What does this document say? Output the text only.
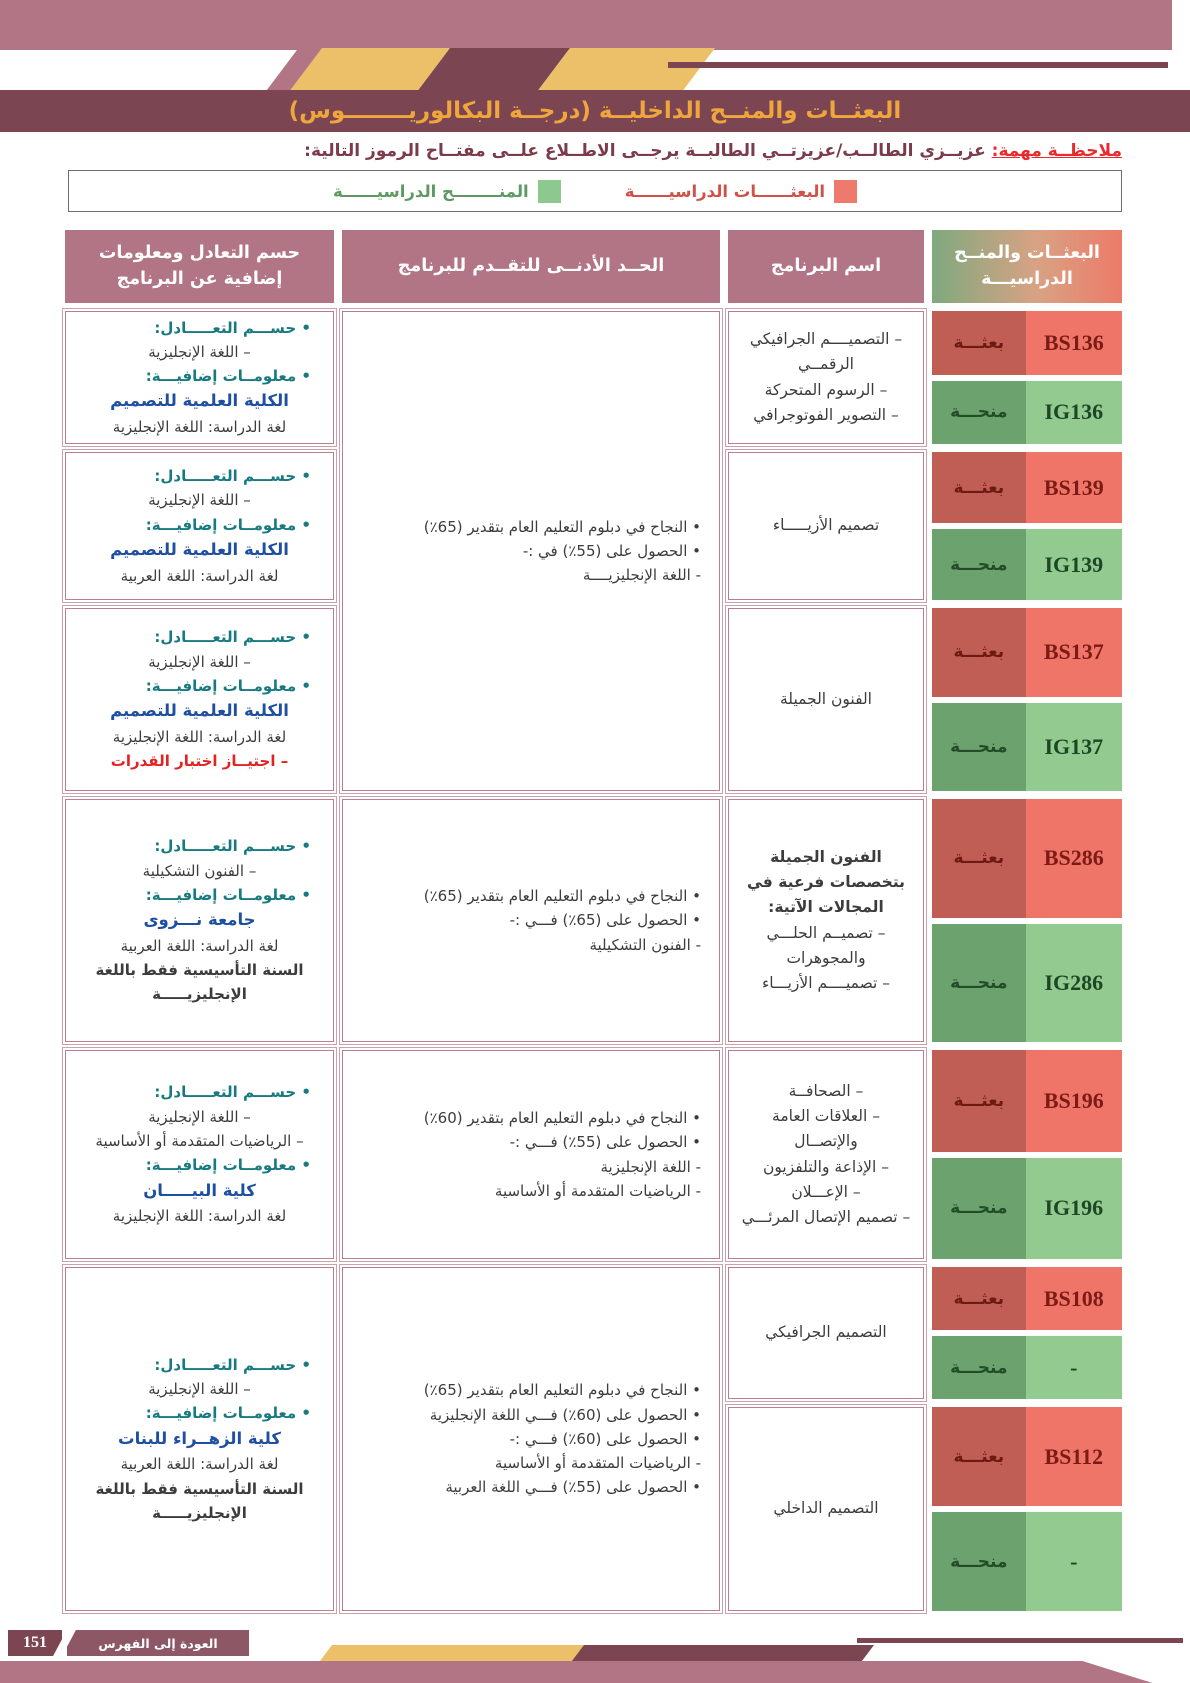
البعثــات والمنــح الداخليــة (درجــة البكالوريــــــــوس)
ملاحظــة مهمة: عزيــزي الطالــب/عزيزتــي الطالبــة يرجــى الاطــلاع علــى مفتــاح الرموز التالية:
البعثــــــات الدراسيــــــة
المنــــــــح الدراسيــــــة
البعثــات والمنــح الدراسيـــة
اسم البرنامج
الحــد الأدنــى للتقــدم للبرنامج
حسم التعادل ومعلومات إضافية عن البرنامج
BS136
بعثـــة
IG136
منحـــة
BS139
بعثـــة
IG139
منحـــة
BS137
بعثـــة
IG137
منحـــة
BS286
بعثـــة
IG286
منحـــة
BS196
بعثـــة
IG196
منحـــة
BS108
بعثـــة
-
منحـــة
BS112
بعثـــة
-
منحـــة
– التصميــــم الجرافيكي الرقمــي
– الرسوم المتحركة
– التصوير الفوتوجرافي
تصميم الأزيـــــاء
الفنون الجميلة
الفنون الجميلة بتخصصات فرعية في المجالات الآتية:
– تصميــم الحلـــي والمجوهرات
– تصميــــم الأزيـــاء
– الصحافــة
– العلاقات العامة والإتصــال
– الإذاعة والتلفزيون
– الإعـــلان
– تصميم الإتصال المرئـــي
التصميم الجرافيكي
التصميم الداخلي
• النجاح في دبلوم التعليم العام بتقدير (65٪)
• الحصول على (55٪) في :-
- اللغة الإنجليزيــــة
• النجاح في دبلوم التعليم العام بتقدير (65٪)
• الحصول على (65٪) فـــي :-
- الفنون التشكيلية
• النجاح في دبلوم التعليم العام بتقدير (60٪)
• الحصول على (55٪) فـــي :-
- اللغة الإنجليزية
- الرياضيات المتقدمة أو الأساسية
• النجاح في دبلوم التعليم العام بتقدير (65٪)
• الحصول على (60٪) فـــي اللغة الإنجليزية
• الحصول على (60٪) فـــي :-
- الرياضيات المتقدمة أو الأساسية
• الحصول على (55٪) فـــي اللغة العربية
• حســـم التعـــــادل:
– اللغة الإنجليزية
• معلومــات إضافيـــة:
الكلية العلمية للتصميم
لغة الدراسة: اللغة الإنجليزية
• حســـم التعـــــادل:
– اللغة الإنجليزية
• معلومــات إضافيـــة:
الكلية العلمية للتصميم
لغة الدراسة: اللغة العربية
• حســـم التعـــــادل:
– اللغة الإنجليزية
• معلومــات إضافيـــة:
الكلية العلمية للتصميم
لغة الدراسة: اللغة الإنجليزية
– اجتيــاز اختبار القدرات
• حســـم التعـــــادل:
– الفنون التشكيلية
• معلومــات إضافيـــة:
جامعة نـــزوى
لغة الدراسة: اللغة العربية
السنة التأسيسية فقط باللغة الإنجليزيـــــة
• حســـم التعـــــادل:
– اللغة الإنجليزية
– الرياضيات المتقدمة أو الأساسية
• معلومــات إضافيـــة:
كلية البيـــــان
لغة الدراسة: اللغة الإنجليزية
• حســـم التعـــــادل:
– اللغة الإنجليزية
• معلومــات إضافيـــة:
كلية الزهــراء للبنات
لغة الدراسة: اللغة العربية
السنة التأسيسية فقط باللغة الإنجليزيـــــة
151	العودة إلى الفهرس
